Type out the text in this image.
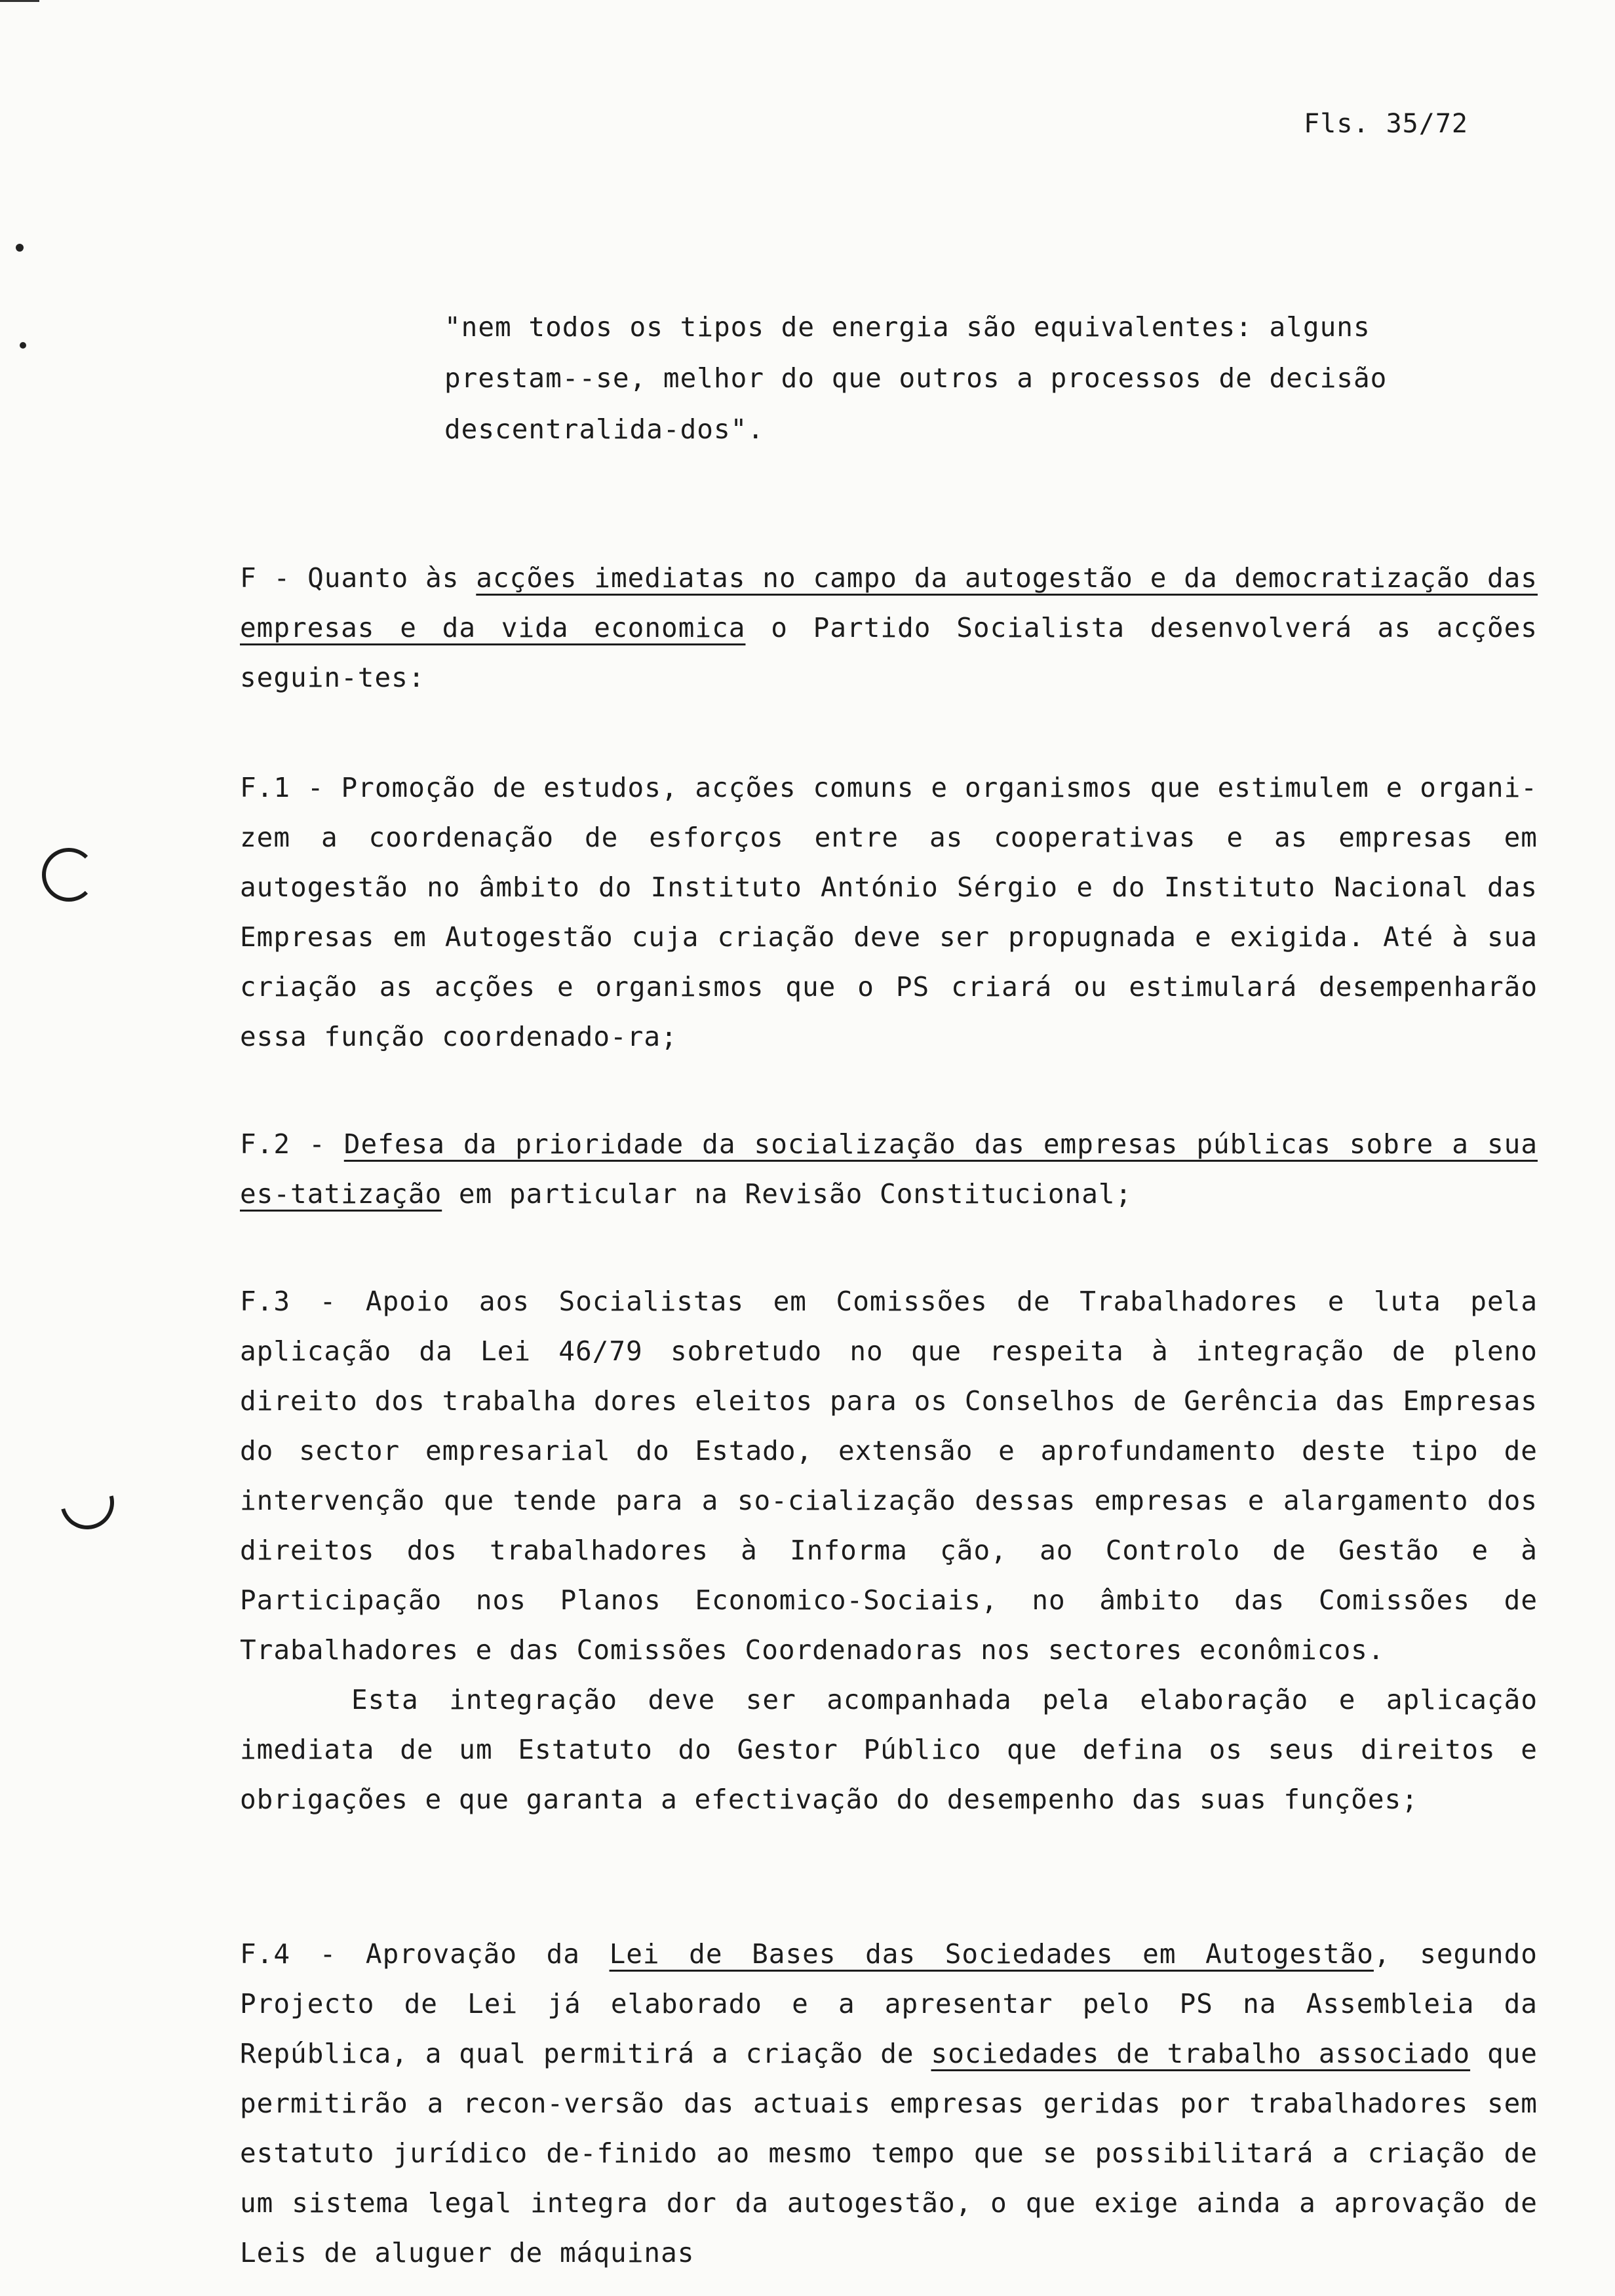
Fls. 35/72
"nem todos os tipos de energia são equivalentes: alguns prestam--se, melhor do que outros a processos de decisão descentralida-dos".
F - Quanto às acções imediatas no campo da autogestão e da democratização das empresas e da vida economica o Partido Socialista desenvolverá as acções seguin-tes:
F.1 - Promoção de estudos, acções comuns e organismos que estimulem e organi-zem a coordenação de esforços entre as cooperativas e as empresas em autogestão no âmbito do Instituto António Sérgio e do Instituto Nacional das Empresas em Autogestão cuja criação deve ser propugnada e exigida. Até à sua criação as acções e organismos que o PS criará ou estimulará desempenharão essa função coordenado-ra;
F.2 - Defesa da prioridade da socialização das empresas públicas sobre a sua es-tatização em particular na Revisão Constitucional;
F.3 - Apoio aos Socialistas em Comissões de Trabalhadores e luta pela aplicação da Lei 46/79 sobretudo no que respeita à integração de pleno direito dos trabalha dores eleitos para os Conselhos de Gerência das Empresas do sector empresarial do Estado, extensão e aprofundamento deste tipo de intervenção que tende para a so-cialização dessas empresas e alargamento dos direitos dos trabalhadores à Informa ção, ao Controlo de Gestão e à Participação nos Planos Economico-Sociais, no âmbito das Comissões de Trabalhadores e das Comissões Coordenadoras nos sectores econômicos.
Esta integração deve ser acompanhada pela elaboração e aplicação imediata de um Estatuto do Gestor Público que defina os seus direitos e obrigações e que garanta a efectivação do desempenho das suas funções;
F.4 - Aprovação da Lei de Bases das Sociedades em Autogestão, segundo Projecto de Lei já elaborado e a apresentar pelo PS na Assembleia da República, a qual permitirá a criação de sociedades de trabalho associado que permitirão a recon-versão das actuais empresas geridas por trabalhadores sem estatuto jurídico de-finido ao mesmo tempo que se possibilitará a criação de um sistema legal integra dor da autogestão, o que exige ainda a aprovação de Leis de aluguer de máquinas
